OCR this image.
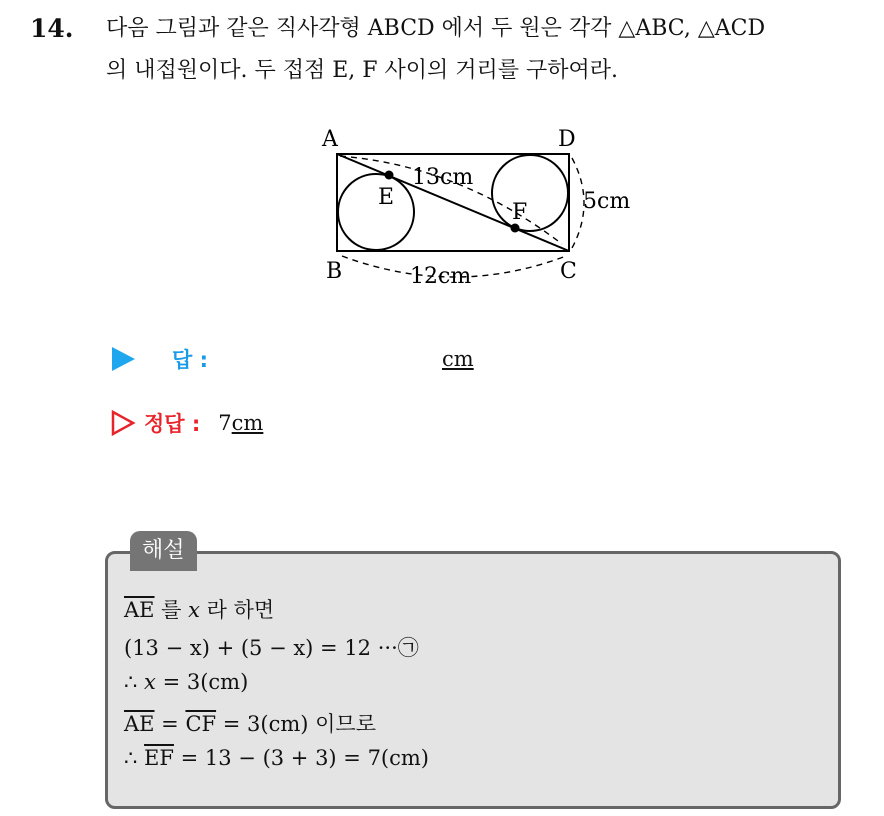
14. 다음 그림과 같은 직사각형 ABCD 에서 두 원은 각각 △ABC, △ACD
의 내접원이다. 두 접점 E, F 사이의 거리를 구하여라.
A	D
B	C
E
F
13cm
5cm
12cm
답 :	cm
정답 : 7 cm
해설
$\overline{AE}$ 를 x 라 하면
(13 − x) + (5 − x) = 12 ···㉠
∴ x = 3(cm)
$\overline{AE} = \overline{CF} = 3(cm)$ 이므로
∴ $\overline{EF} = 13 - (3 + 3) = 7(cm)$
